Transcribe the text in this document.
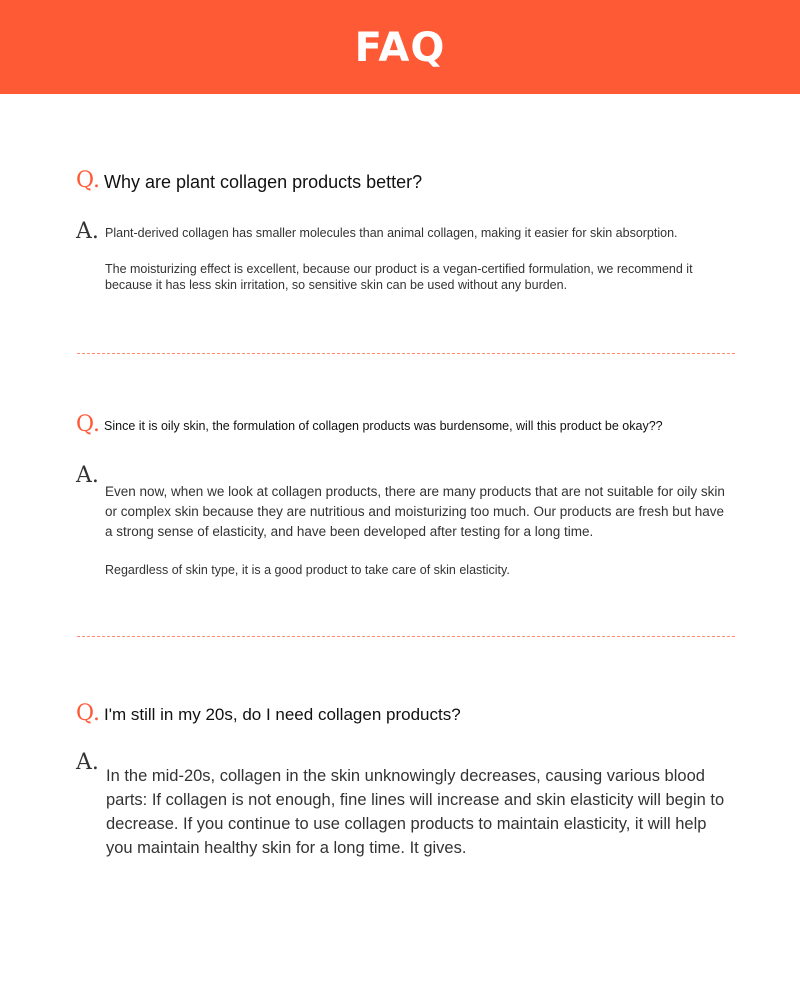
FAQ
Q. Why are plant collagen products better?
A. Plant-derived collagen has smaller molecules than animal collagen, making it easier for skin absorption.

The moisturizing effect is excellent, because our product is a vegan-certified formulation, we recommend it because it has less skin irritation, so sensitive skin can be used without any burden.

Q. Since it is oily skin, the formulation of collagen products was burdensome, will this product be okay??
A.

Even now, when we look at collagen products, there are many products that are not suitable for oily skin or complex skin because they are nutritious and moisturizing too much. Our products are fresh but have a strong sense of elasticity, and have been developed after testing for a long time.

Regardless of skin type, it is a good product to take care of skin elasticity.

Q. I'm still in my 20s, do I need collagen products?
A.

In the mid-20s, collagen in the skin unknowingly decreases, causing various blood parts: If collagen is not enough, fine lines will increase and skin elasticity will begin to decrease. If you continue to use collagen products to maintain elasticity, it will help you maintain healthy skin for a long time. It gives.
